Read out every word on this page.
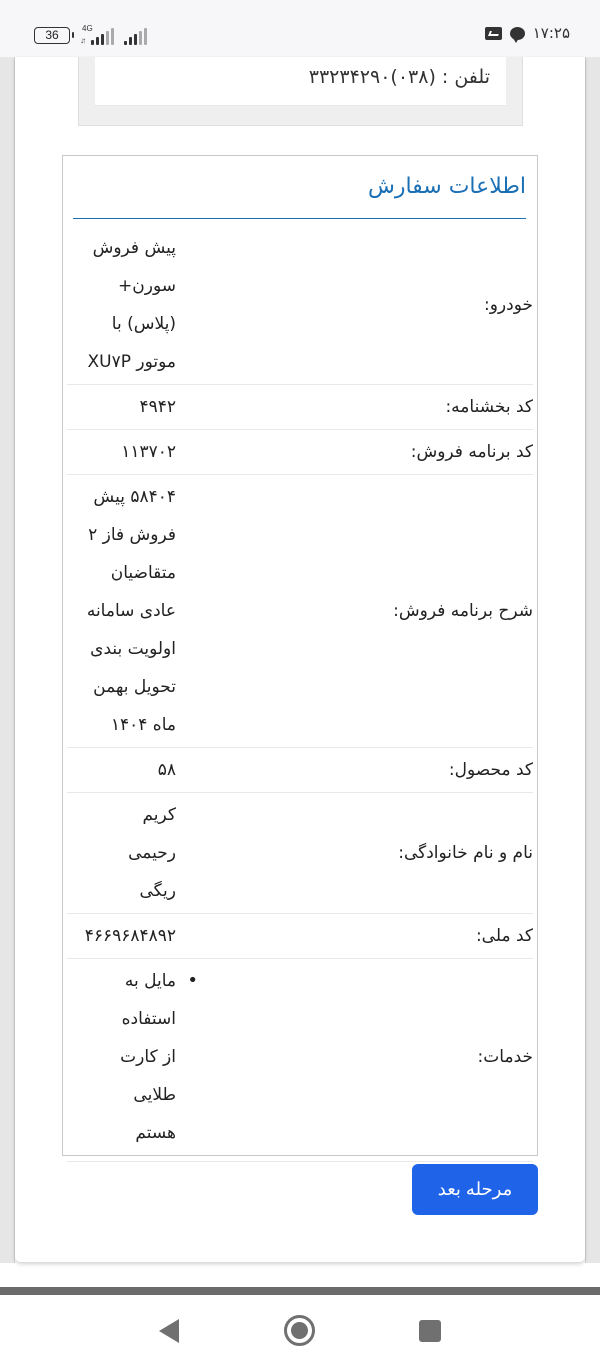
36	4G
↓↑	۱۷:۲۵
تلفن : (۰۳۸)۳۳۲۳۴۲۹۰
اطلاعات سفارش
خودرو:
پیش فروش
سورن+
(پلاس) با
موتور XU۷P
کد بخشنامه:
۴۹۴۲
کد برنامه فروش:
۱۱۳۷۰۲
شرح برنامه فروش:
۵۸۴۰۴ پیش
فروش فاز ۲
متقاضیان
عادی سامانه
اولویت بندی
تحویل بهمن
ماه ۱۴۰۴
کد محصول:
۵۸
نام و نام خانوادگی:
کریم
رحیمی
ریگی
کد ملی:
۴۶۶۹۶۸۴۸۹۲
خدمات:
• مایل به
استفاده
از کارت
طلایی
هستم
مرحله بعد
